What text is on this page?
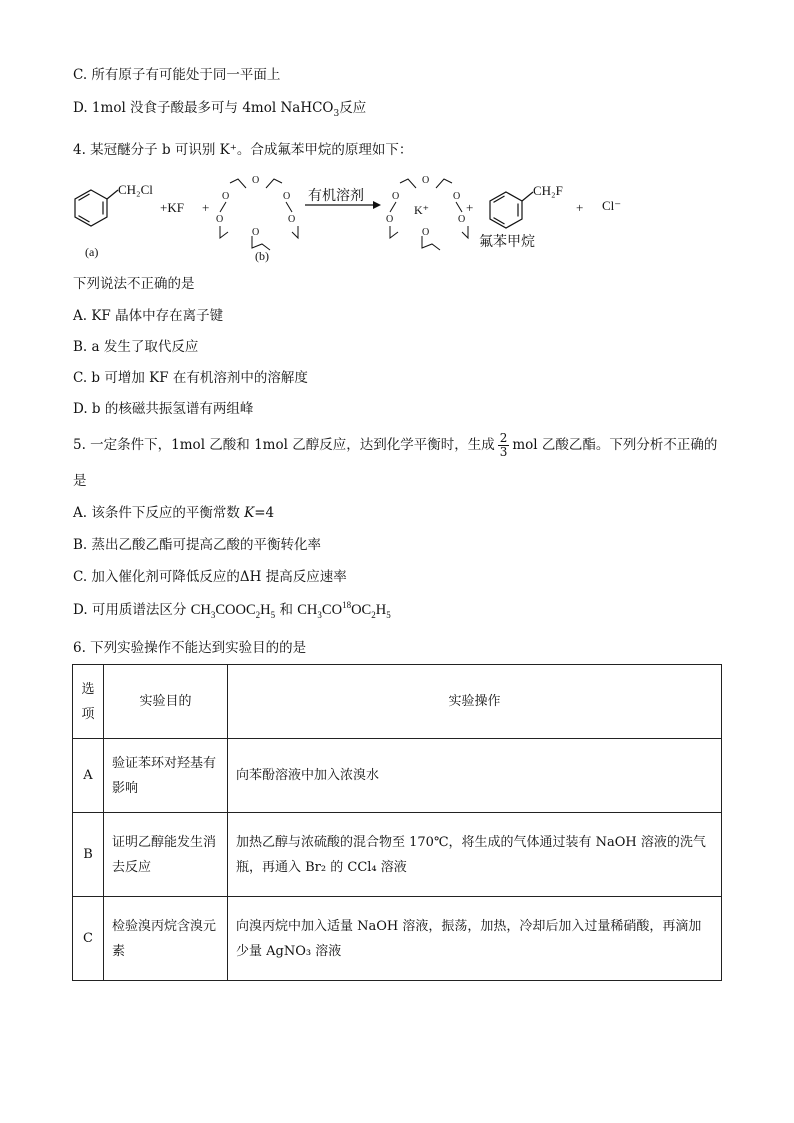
C. 所有原子有可能处于同一平面上
D. 1mol 没食子酸最多可与 4mol NaHCO$_3$反应
4. 某冠醚分子 b 可识别 K⁺。合成氟苯甲烷的原理如下：
CH₂Cl
(a)
+KF +
O
O	O
O	O
O
(b)
有机溶剂
O
O	O
O	O
O
K⁺	+
CH₂F
氟苯甲烷
+ Cl⁻
下列说法不正确的是
A. KF 晶体中存在离子键
B. a 发生了取代反应
C. b 可增加 KF 在有机溶剂中的溶解度
D. b 的核磁共振氢谱有两组峰
5. 一定条件下，1mol 乙酸和 1mol 乙醇反应，达到化学平衡时，生成 $\frac{2}{3}$ mol 乙酸乙酯。下列分析不正确的
是
A. 该条件下反应的平衡常数 K=4
B. 蒸出乙酸乙酯可提高乙酸的平衡转化率
C. 加入催化剂可降低反应的ΔH 提高反应速率
D. 可用质谱法区分 $CH_3COOC_2H_5$ 和 $CH_3CO^{18}OC_2H_5$
6. 下列实验操作不能达到实验目的的是
选项	实验目的	实验操作
A	验证苯环对羟基有影响	向苯酚溶液中加入浓溴水
B	证明乙醇能发生消去反应	加热乙醇与浓硫酸的混合物至 170℃，将生成的气体通过装有 NaOH 溶液的洗气瓶，再通入 Br₂ 的 CCl₄ 溶液
C	检验溴丙烷含溴元素	向溴丙烷中加入适量 NaOH 溶液，振荡，加热，冷却后加入过量稀硝酸，再滴加少量 AgNO₃ 溶液
